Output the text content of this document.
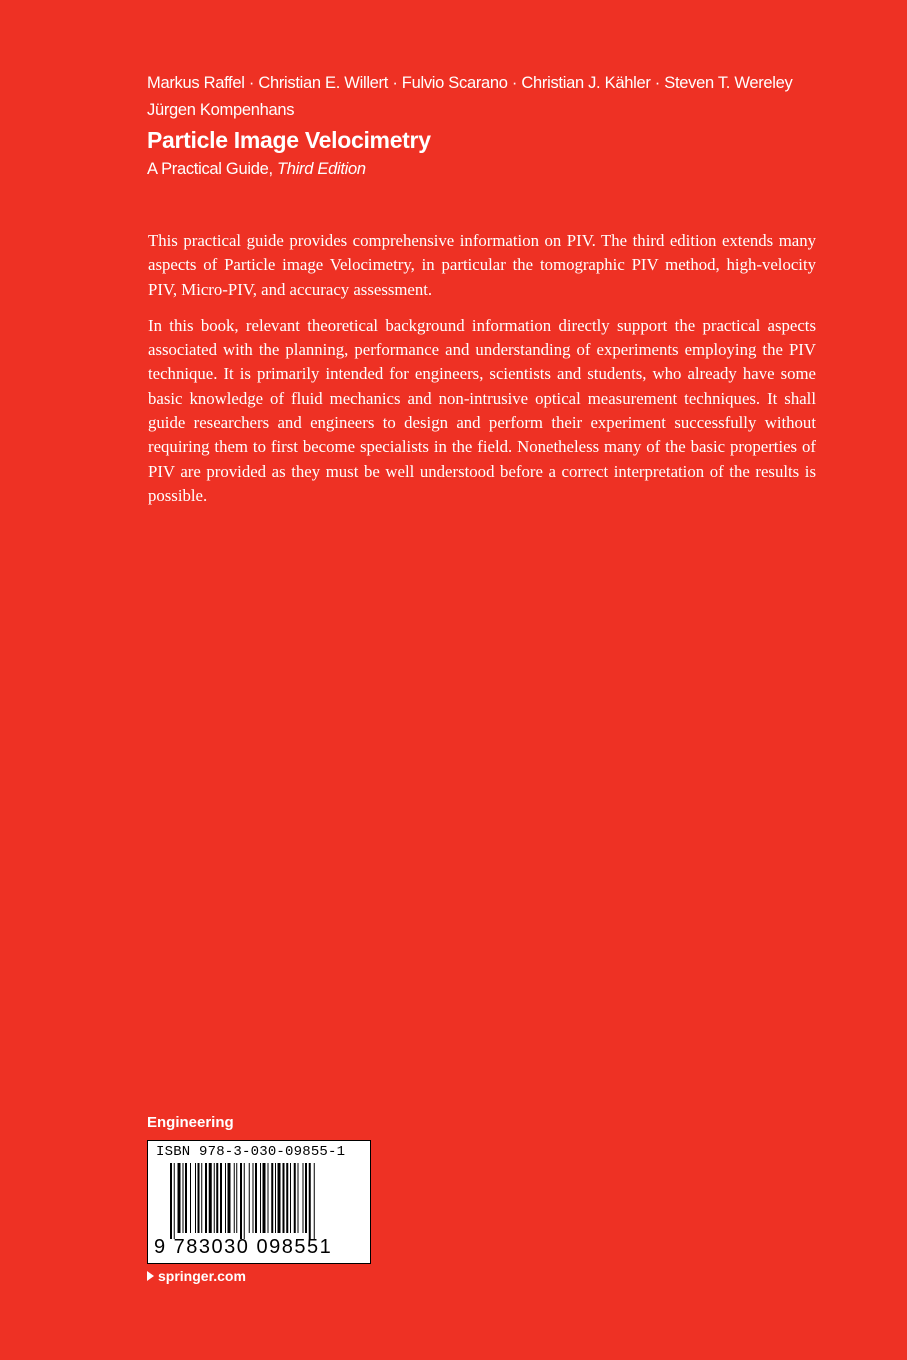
Markus Raffel · Christian E. Willert · Fulvio Scarano · Christian J. Kähler · Steven T. Wereley
Jürgen Kompenhans
Particle Image Velocimetry
A Practical Guide, Third Edition

This practical guide provides comprehensive information on PIV. The third edition extends many aspects of Particle image Velocimetry, in particular the tomographic PIV method, high-velocity PIV, Micro-PIV, and accuracy assessment.

In this book, relevant theoretical background information directly support the practical aspects associated with the planning, performance and understanding of experiments employing the PIV technique. It is primarily intended for engineers, scientists and students, who already have some basic knowledge of fluid mechanics and non-intrusive optical measurement techniques. It shall guide researchers and engineers to design and perform their experiment successfully without requiring them to first become specialists in the field. Nonetheless many of the basic properties of PIV are provided as they must be well understood before a correct interpretation of the results is possible.

Engineering
ISBN 978-3-030-09855-1
9 783030 098551
springer.com
